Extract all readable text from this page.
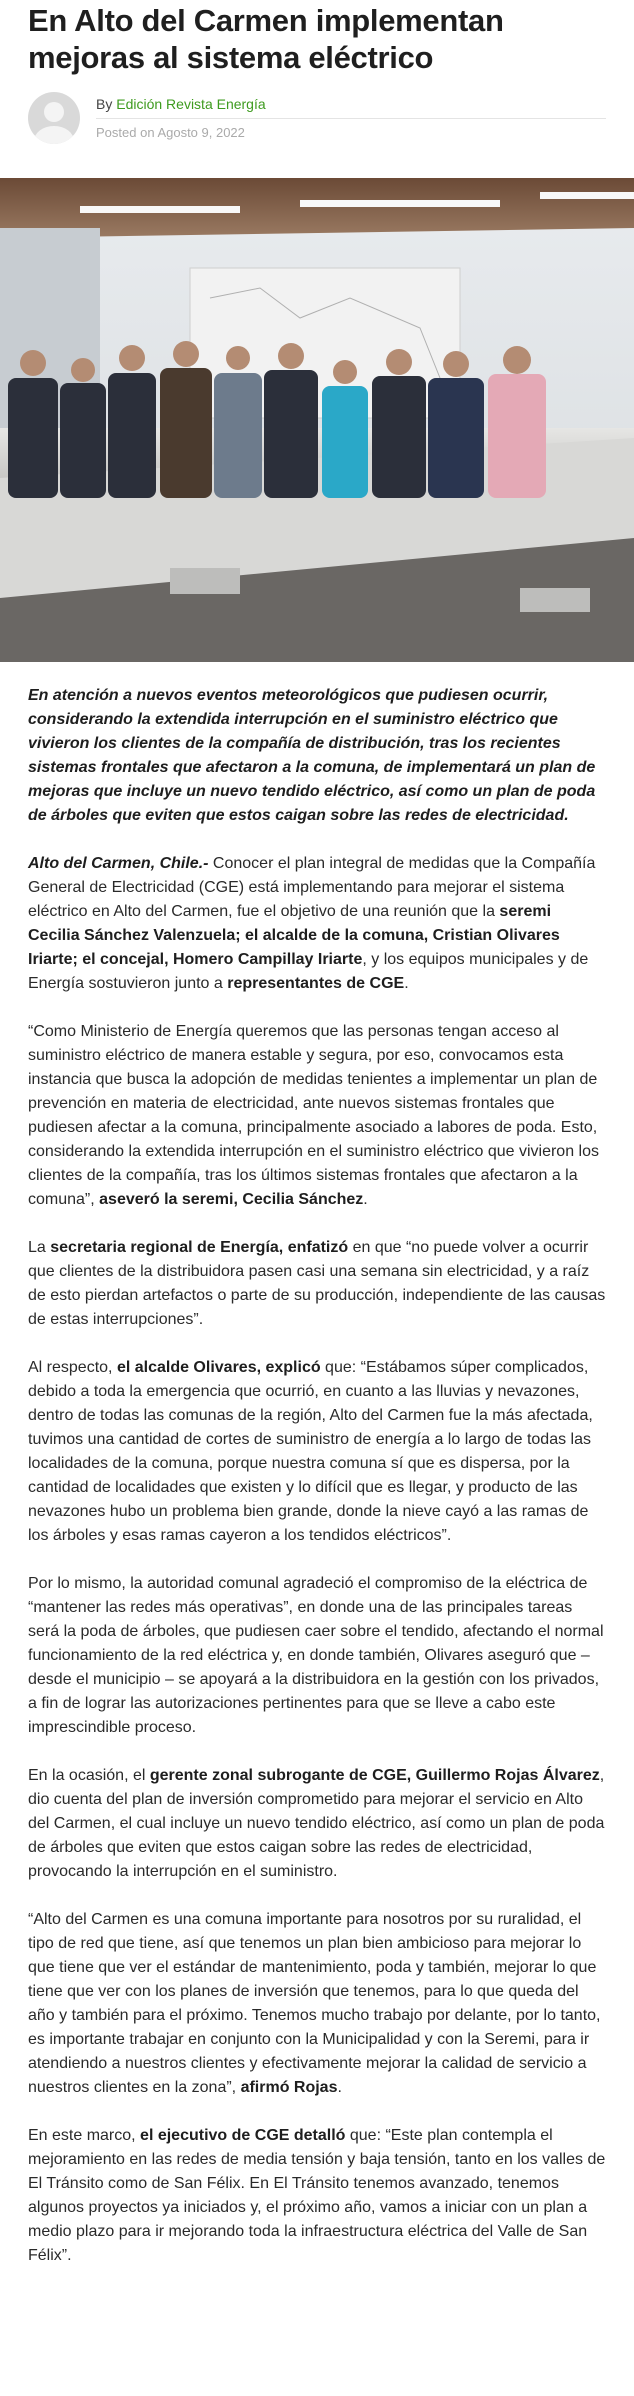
En Alto del Carmen implementan mejoras al sistema eléctrico
By Edición Revista Energía
Posted on Agosto 9, 2022

En atención a nuevos eventos meteorológicos que pudiesen ocurrir, considerando la extendida interrupción en el suministro eléctrico que vivieron los clientes de la compañía de distribución, tras los recientes sistemas frontales que afectaron a la comuna, de implementará un plan de mejoras que incluye un nuevo tendido eléctrico, así como un plan de poda de árboles que eviten que estos caigan sobre las redes de electricidad.

Alto del Carmen, Chile.- Conocer el plan integral de medidas que la Compañía General de Electricidad (CGE) está implementando para mejorar el sistema eléctrico en Alto del Carmen, fue el objetivo de una reunión que la seremi Cecilia Sánchez Valenzuela; el alcalde de la comuna, Cristian Olivares Iriarte; el concejal, Homero Campillay Iriarte, y los equipos municipales y de Energía sostuvieron junto a representantes de CGE.

“Como Ministerio de Energía queremos que las personas tengan acceso al suministro eléctrico de manera estable y segura, por eso, convocamos esta instancia que busca la adopción de medidas tenientes a implementar un plan de prevención en materia de electricidad, ante nuevos sistemas frontales que pudiesen afectar a la comuna, principalmente asociado a labores de poda. Esto, considerando la extendida interrupción en el suministro eléctrico que vivieron los clientes de la compañía, tras los últimos sistemas frontales que afectaron a la comuna”, aseveró la seremi, Cecilia Sánchez.

La secretaria regional de Energía, enfatizó en que “no puede volver a ocurrir que clientes de la distribuidora pasen casi una semana sin electricidad, y a raíz de esto pierdan artefactos o parte de su producción, independiente de las causas de estas interrupciones”.

Al respecto, el alcalde Olivares, explicó que: “Estábamos súper complicados, debido a toda la emergencia que ocurrió, en cuanto a las lluvias y nevazones, dentro de todas las comunas de la región, Alto del Carmen fue la más afectada, tuvimos una cantidad de cortes de suministro de energía a lo largo de todas las localidades de la comuna, porque nuestra comuna sí que es dispersa, por la cantidad de localidades que existen y lo difícil que es llegar, y producto de las nevazones hubo un problema bien grande, donde la nieve cayó a las ramas de los árboles y esas ramas cayeron a los tendidos eléctricos”.

Por lo mismo, la autoridad comunal agradeció el compromiso de la eléctrica de “mantener las redes más operativas”, en donde una de las principales tareas será la poda de árboles, que pudiesen caer sobre el tendido, afectando el normal funcionamiento de la red eléctrica y, en donde también, Olivares aseguró que – desde el municipio – se apoyará a la distribuidora en la gestión con los privados, a fin de lograr las autorizaciones pertinentes para que se lleve a cabo este imprescindible proceso.

En la ocasión, el gerente zonal subrogante de CGE, Guillermo Rojas Álvarez, dio cuenta del plan de inversión comprometido para mejorar el servicio en Alto del Carmen, el cual incluye un nuevo tendido eléctrico, así como un plan de poda de árboles que eviten que estos caigan sobre las redes de electricidad, provocando la interrupción en el suministro.

“Alto del Carmen es una comuna importante para nosotros por su ruralidad, el tipo de red que tiene, así que tenemos un plan bien ambicioso para mejorar lo que tiene que ver el estándar de mantenimiento, poda y también, mejorar lo que tiene que ver con los planes de inversión que tenemos, para lo que queda del año y también para el próximo. Tenemos mucho trabajo por delante, por lo tanto, es importante trabajar en conjunto con la Municipalidad y con la Seremi, para ir atendiendo a nuestros clientes y efectivamente mejorar la calidad de servicio a nuestros clientes en la zona”, afirmó Rojas.

En este marco, el ejecutivo de CGE detalló que: “Este plan contempla el mejoramiento en las redes de media tensión y baja tensión, tanto en los valles de El Tránsito como de San Félix. En El Tránsito tenemos avanzado, tenemos algunos proyectos ya iniciados y, el próximo año, vamos a iniciar con un plan a medio plazo para ir mejorando toda la infraestructura eléctrica del Valle de San Félix”.
